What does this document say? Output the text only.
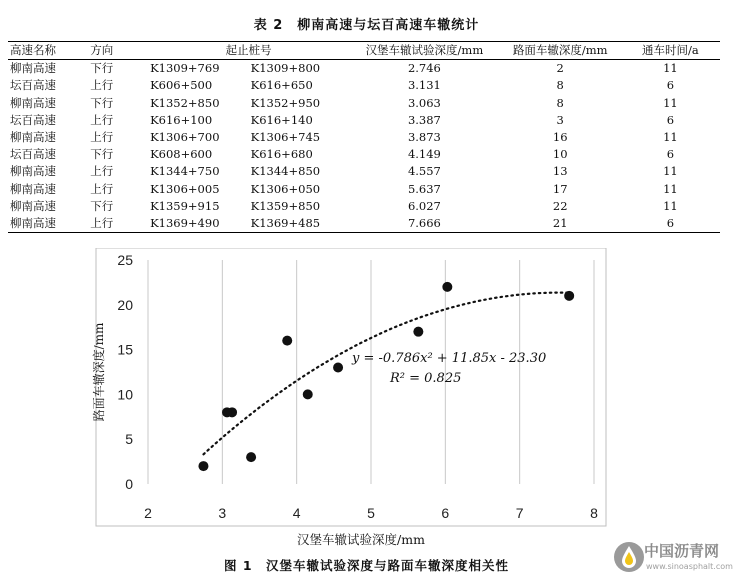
表 2　柳南高速与坛百高速车辙统计
高速名称	方向	起止桩号		汉堡车辙试验深度/mm	路面车辙深度/mm	通车时间/a
柳南高速	下行	K1309+769	K1309+800	2.746	2	11
坛百高速	上行	K606+500	K616+650	3.131	8	6
柳南高速	下行	K1352+850	K1352+950	3.063	8	11
坛百高速	上行	K616+100	K616+140	3.387	3	6
柳南高速	上行	K1306+700	K1306+745	3.873	16	11
坛百高速	下行	K608+600	K616+680	4.149	10	6
柳南高速	上行	K1344+750	K1344+850	4.557	13	11
柳南高速	上行	K1306+005	K1306+050	5.637	17	11
柳南高速	下行	K1359+915	K1359+850	6.027	22	11
柳南高速	上行	K1369+490	K1369+485	7.666	21	6
2	3	4	5	6	7	8
0
5
10
15
20
25
汉堡车辙试验深度/mm
路面车辙深度/mm	y = -0.786x² + 11.85x - 23.30
R² = 0.825
图 1　汉堡车辙试验深度与路面车辙深度相关性
中国沥青网
www.sinoasphalt.com
